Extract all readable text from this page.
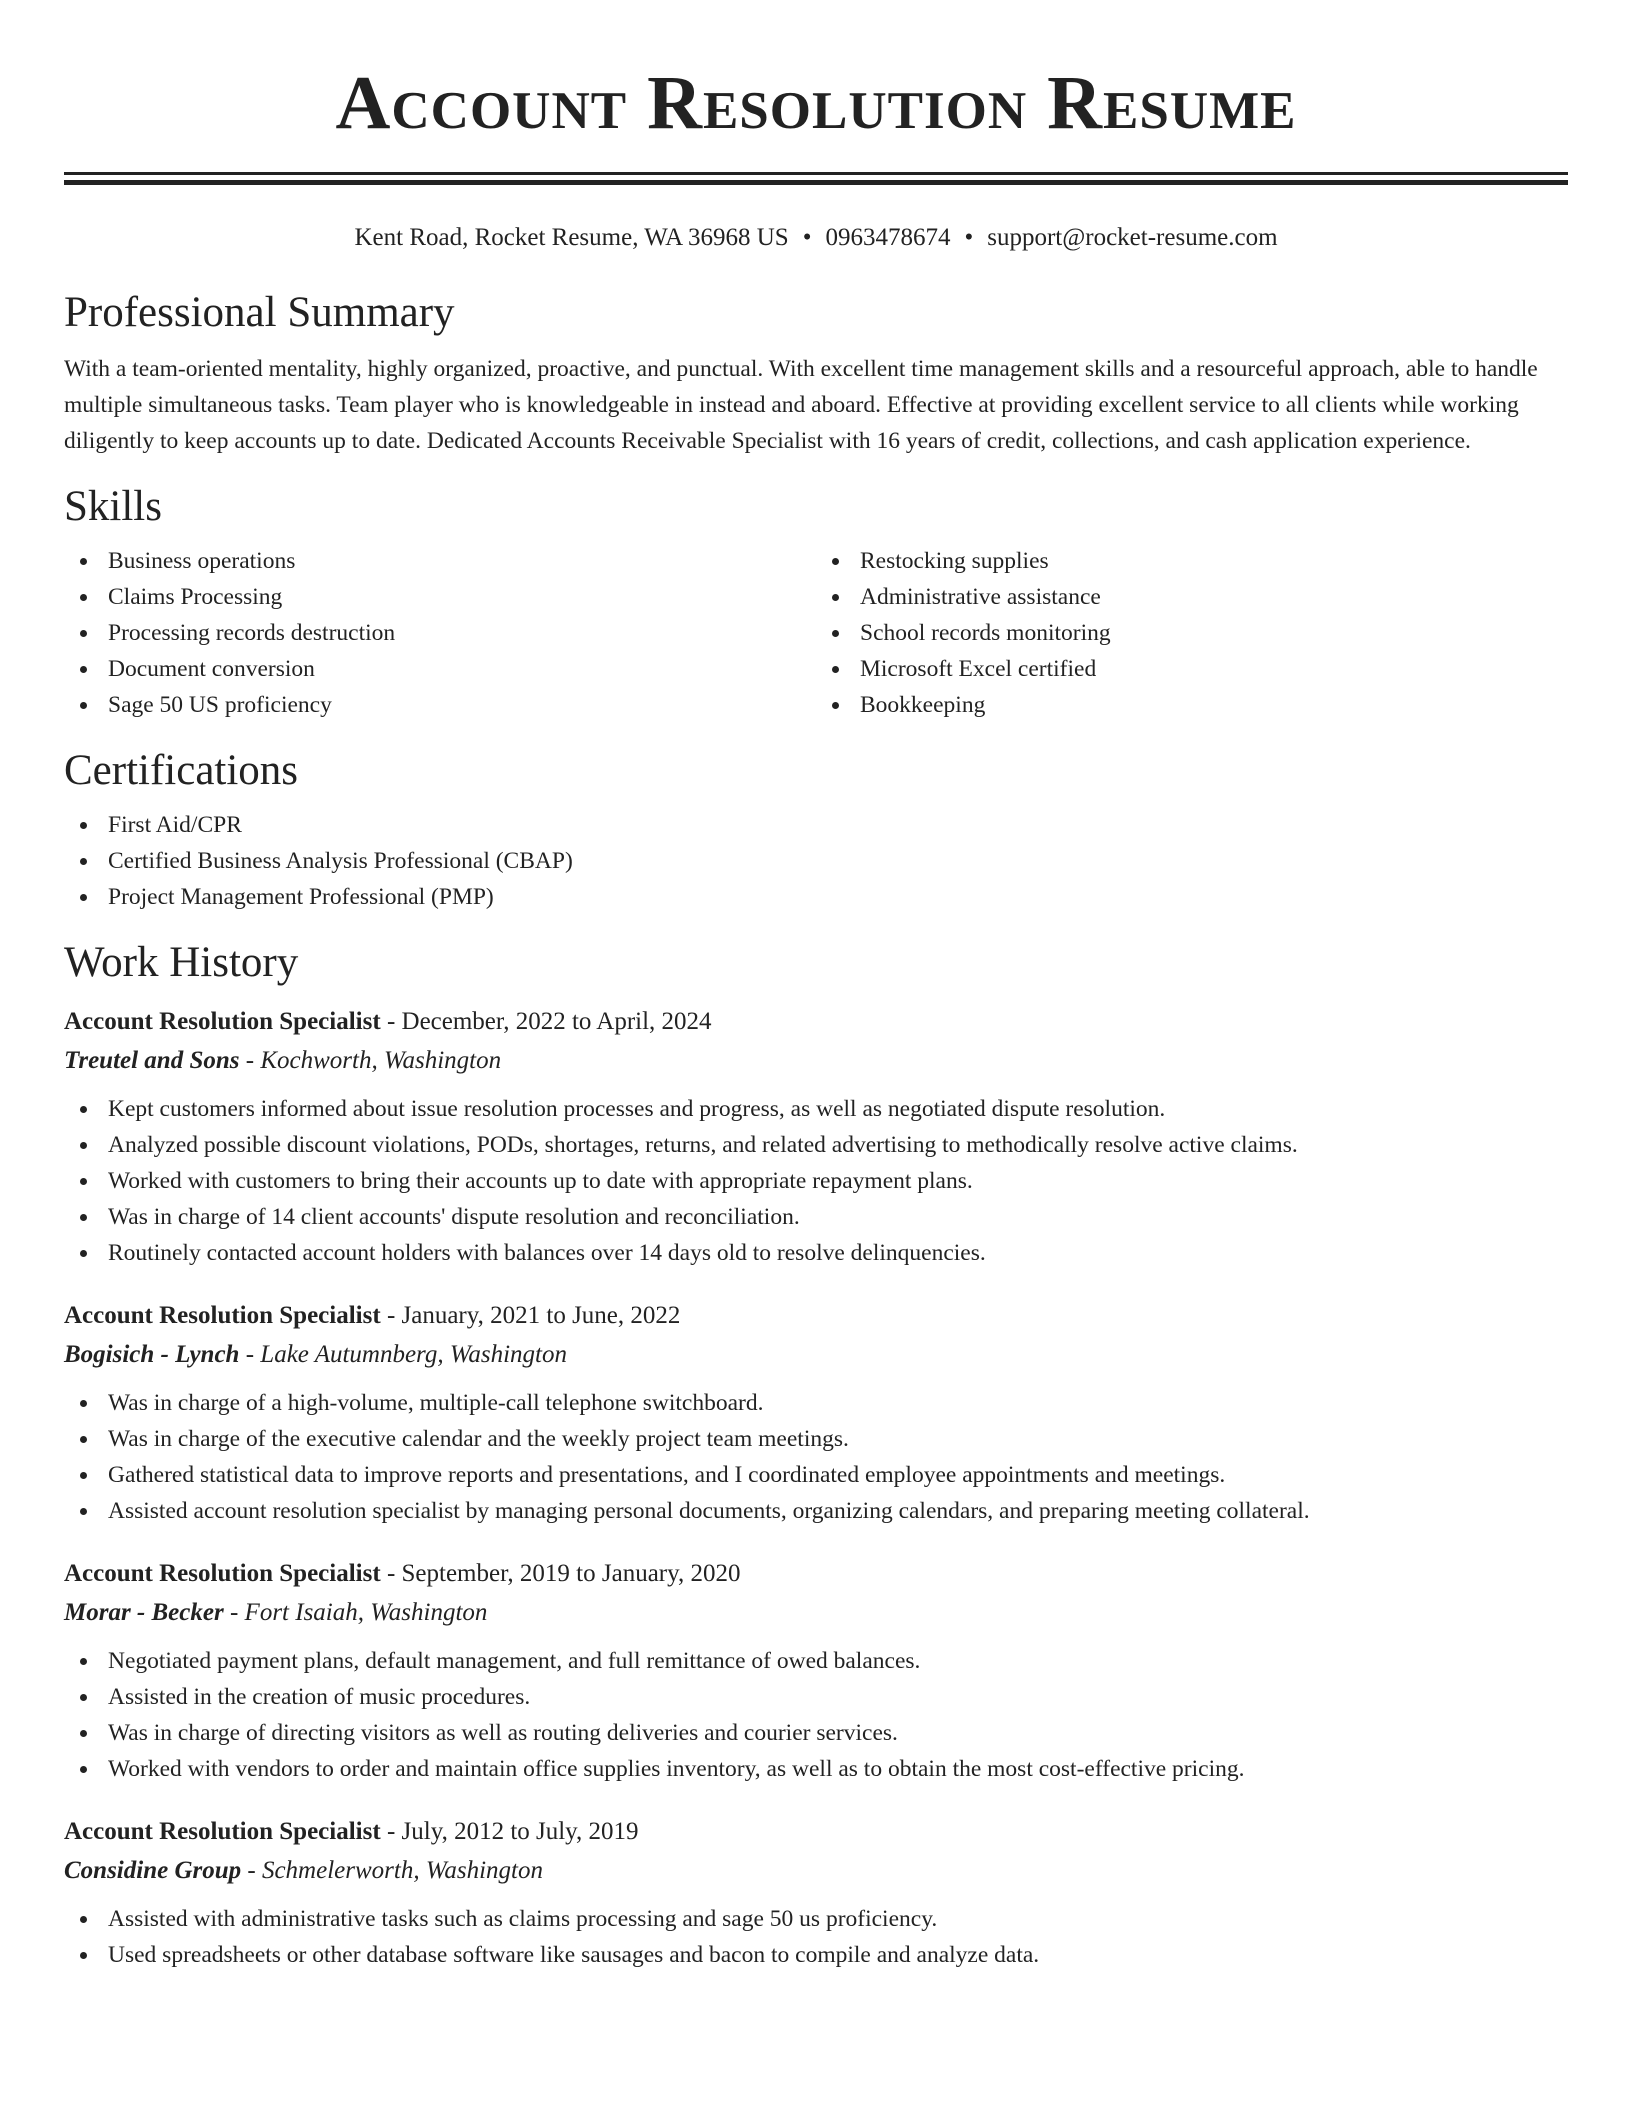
Account Resolution Resume
Kent Road, Rocket Resume, WA 36968 US • 0963478674 • support@rocket-resume.com
Professional Summary

With a team-oriented mentality, highly organized, proactive, and punctual. With excellent time management skills and a resourceful approach, able to handle multiple simultaneous tasks. Team player who is knowledgeable in instead and aboard. Effective at providing excellent service to all clients while working diligently to keep accounts up to date. Dedicated Accounts Receivable Specialist with 16 years of credit, collections, and cash application experience.

Skills
Business operations
Claims Processing
Processing records destruction
Document conversion
Sage 50 US proficiency
Restocking supplies
Administrative assistance
School records monitoring
Microsoft Excel certified
Bookkeeping
Certifications
First Aid/CPR
Certified Business Analysis Professional (CBAP)
Project Management Professional (PMP)
Work History
Account Resolution Specialist - December, 2022 to April, 2024
Treutel and Sons - Kochworth, Washington
Kept customers informed about issue resolution processes and progress, as well as negotiated dispute resolution.
Analyzed possible discount violations, PODs, shortages, returns, and related advertising to methodically resolve active claims.
Worked with customers to bring their accounts up to date with appropriate repayment plans.
Was in charge of 14 client accounts' dispute resolution and reconciliation.
Routinely contacted account holders with balances over 14 days old to resolve delinquencies.
Account Resolution Specialist - January, 2021 to June, 2022
Bogisich - Lynch - Lake Autumnberg, Washington
Was in charge of a high-volume, multiple-call telephone switchboard.
Was in charge of the executive calendar and the weekly project team meetings.
Gathered statistical data to improve reports and presentations, and I coordinated employee appointments and meetings.
Assisted account resolution specialist by managing personal documents, organizing calendars, and preparing meeting collateral.
Account Resolution Specialist - September, 2019 to January, 2020
Morar - Becker - Fort Isaiah, Washington
Negotiated payment plans, default management, and full remittance of owed balances.
Assisted in the creation of music procedures.
Was in charge of directing visitors as well as routing deliveries and courier services.
Worked with vendors to order and maintain office supplies inventory, as well as to obtain the most cost-effective pricing.
Account Resolution Specialist - July, 2012 to July, 2019
Considine Group - Schmelerworth, Washington
Assisted with administrative tasks such as claims processing and sage 50 us proficiency.
Used spreadsheets or other database software like sausages and bacon to compile and analyze data.
